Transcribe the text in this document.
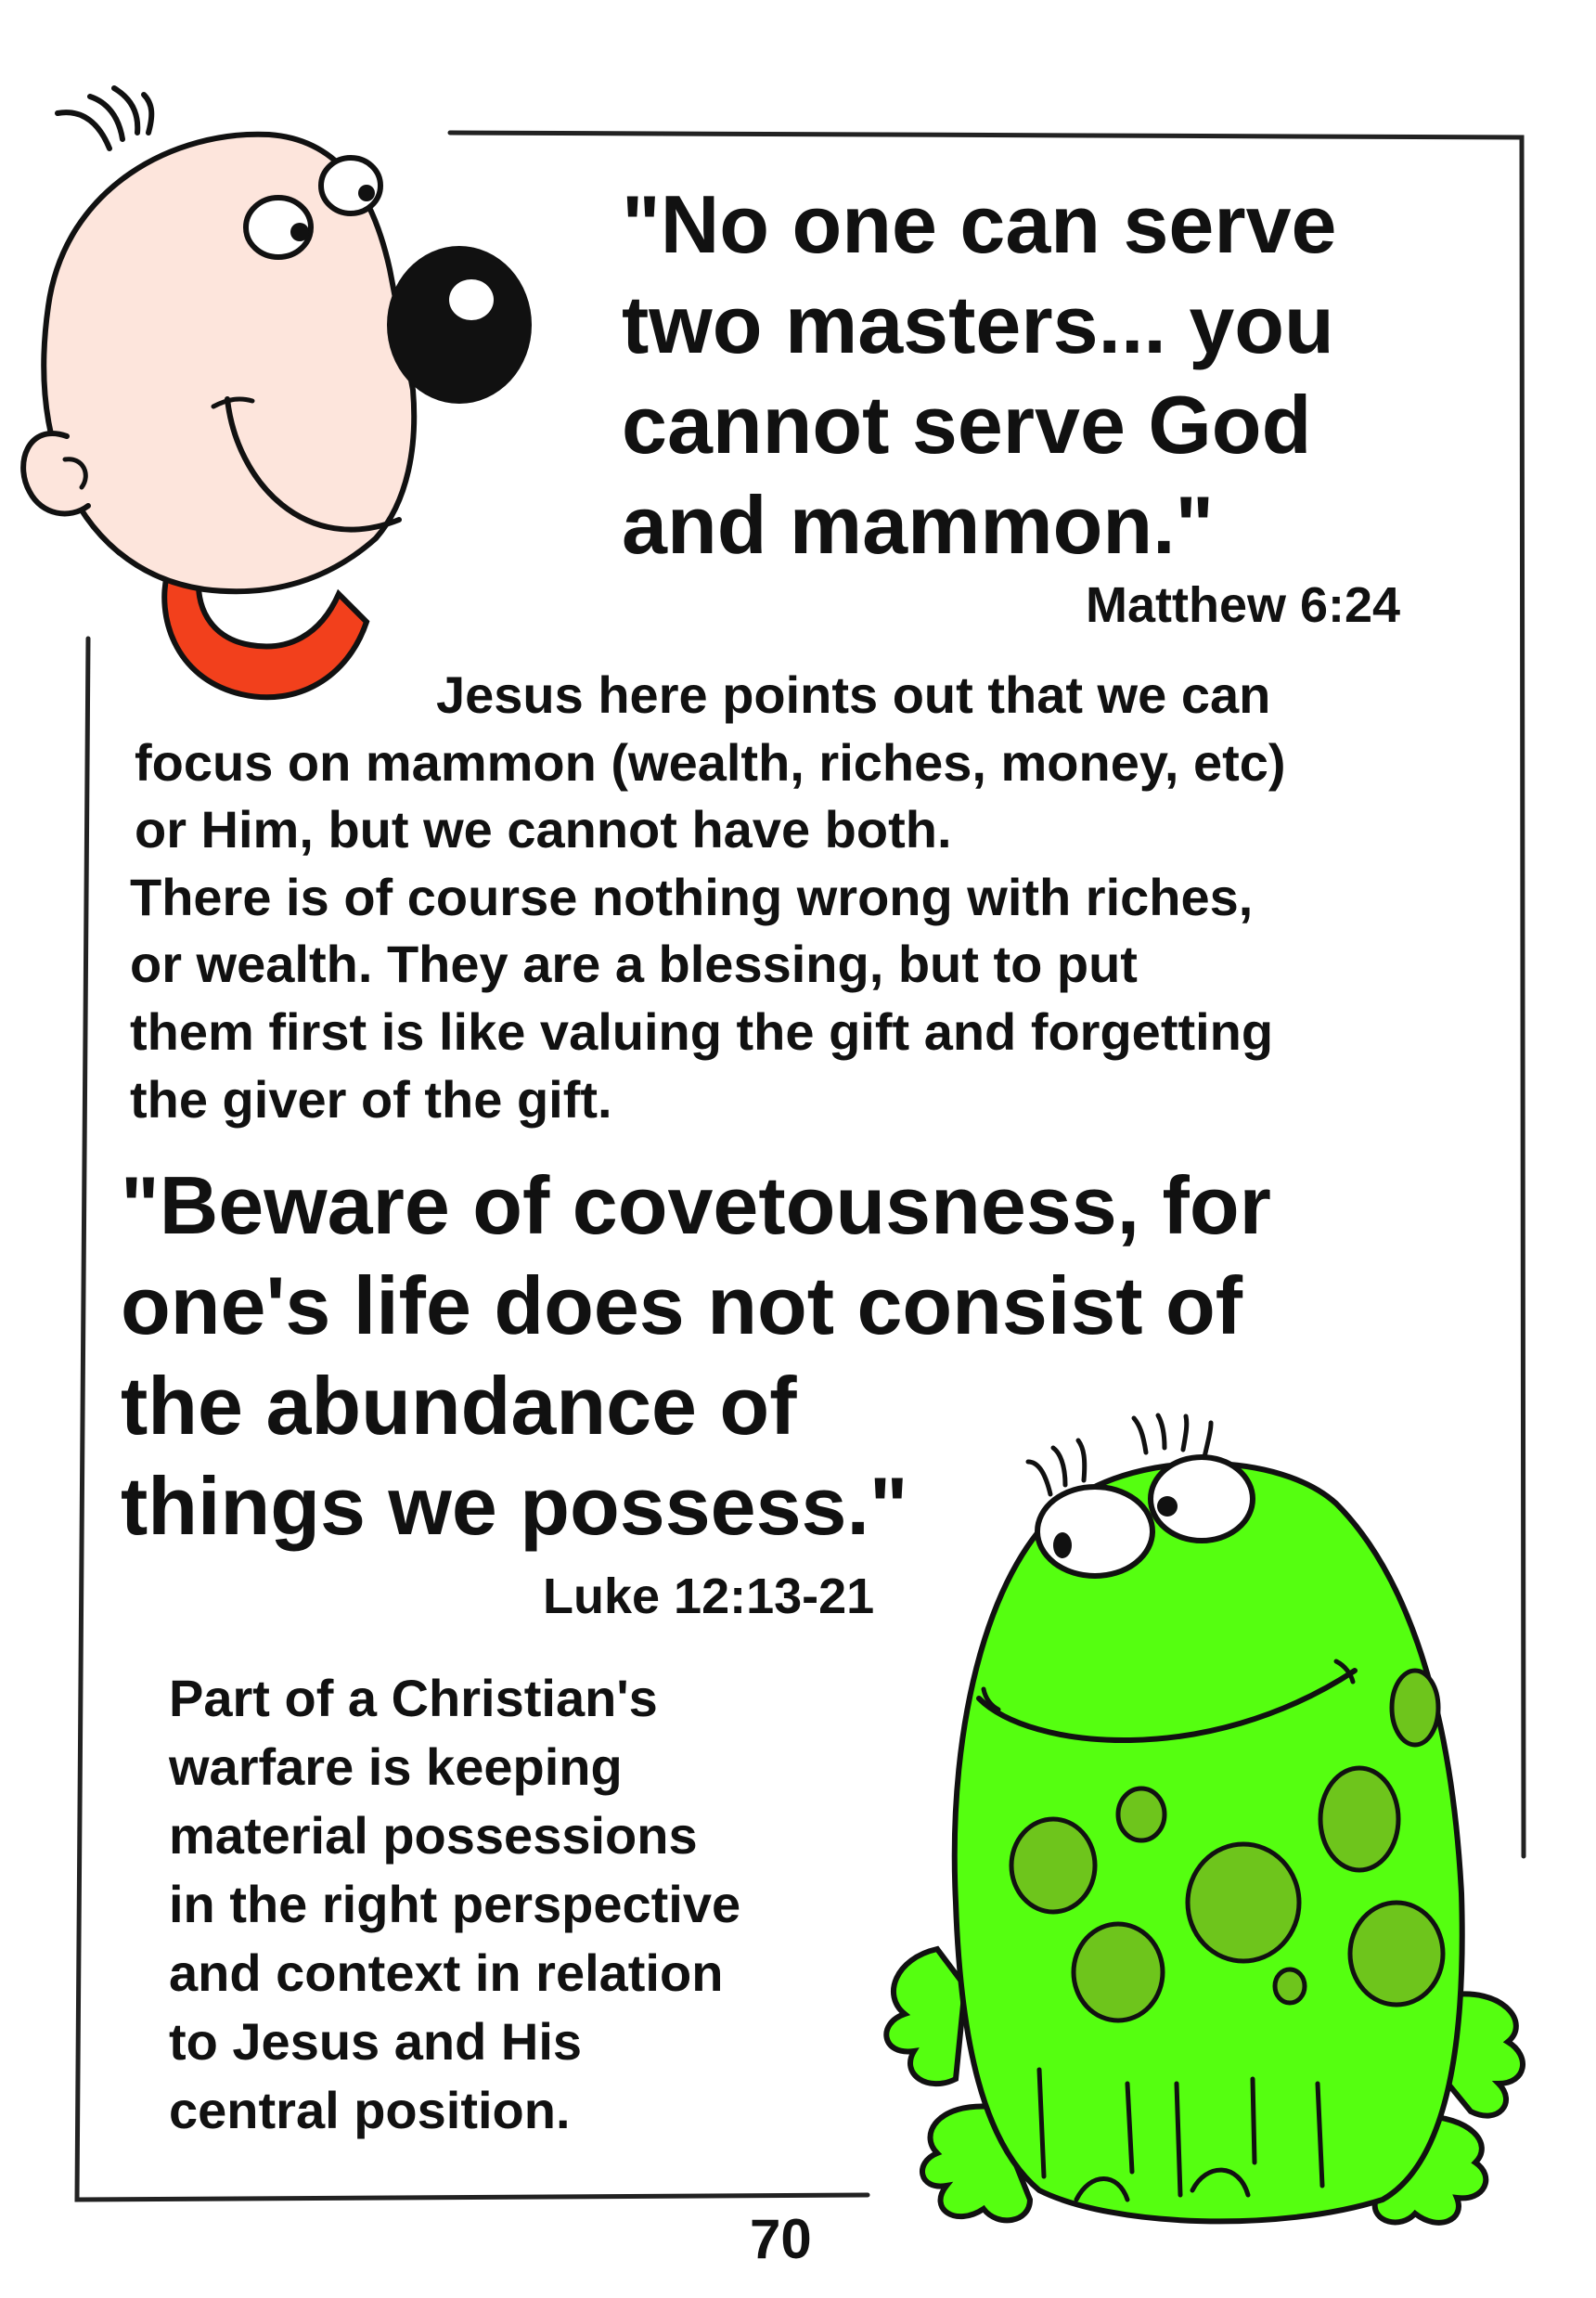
"No one can serve
two masters... you
cannot serve God
and mammon."
Matthew 6:24
Jesus here points out that we can
focus on mammon (wealth, riches, money, etc)
or Him, but we cannot have both.
There is of course nothing wrong with riches,
or wealth. They are a blessing, but to put
them first is like valuing the gift and forgetting
the giver of the gift.
"Beware of covetousness, for
one's life does not consist of
the abundance of
things we possess."
Luke 12:13-21
Part of a Christian's
warfare is keeping
material possessions
in the right perspective
and context in relation
to Jesus and His
central position.
70
